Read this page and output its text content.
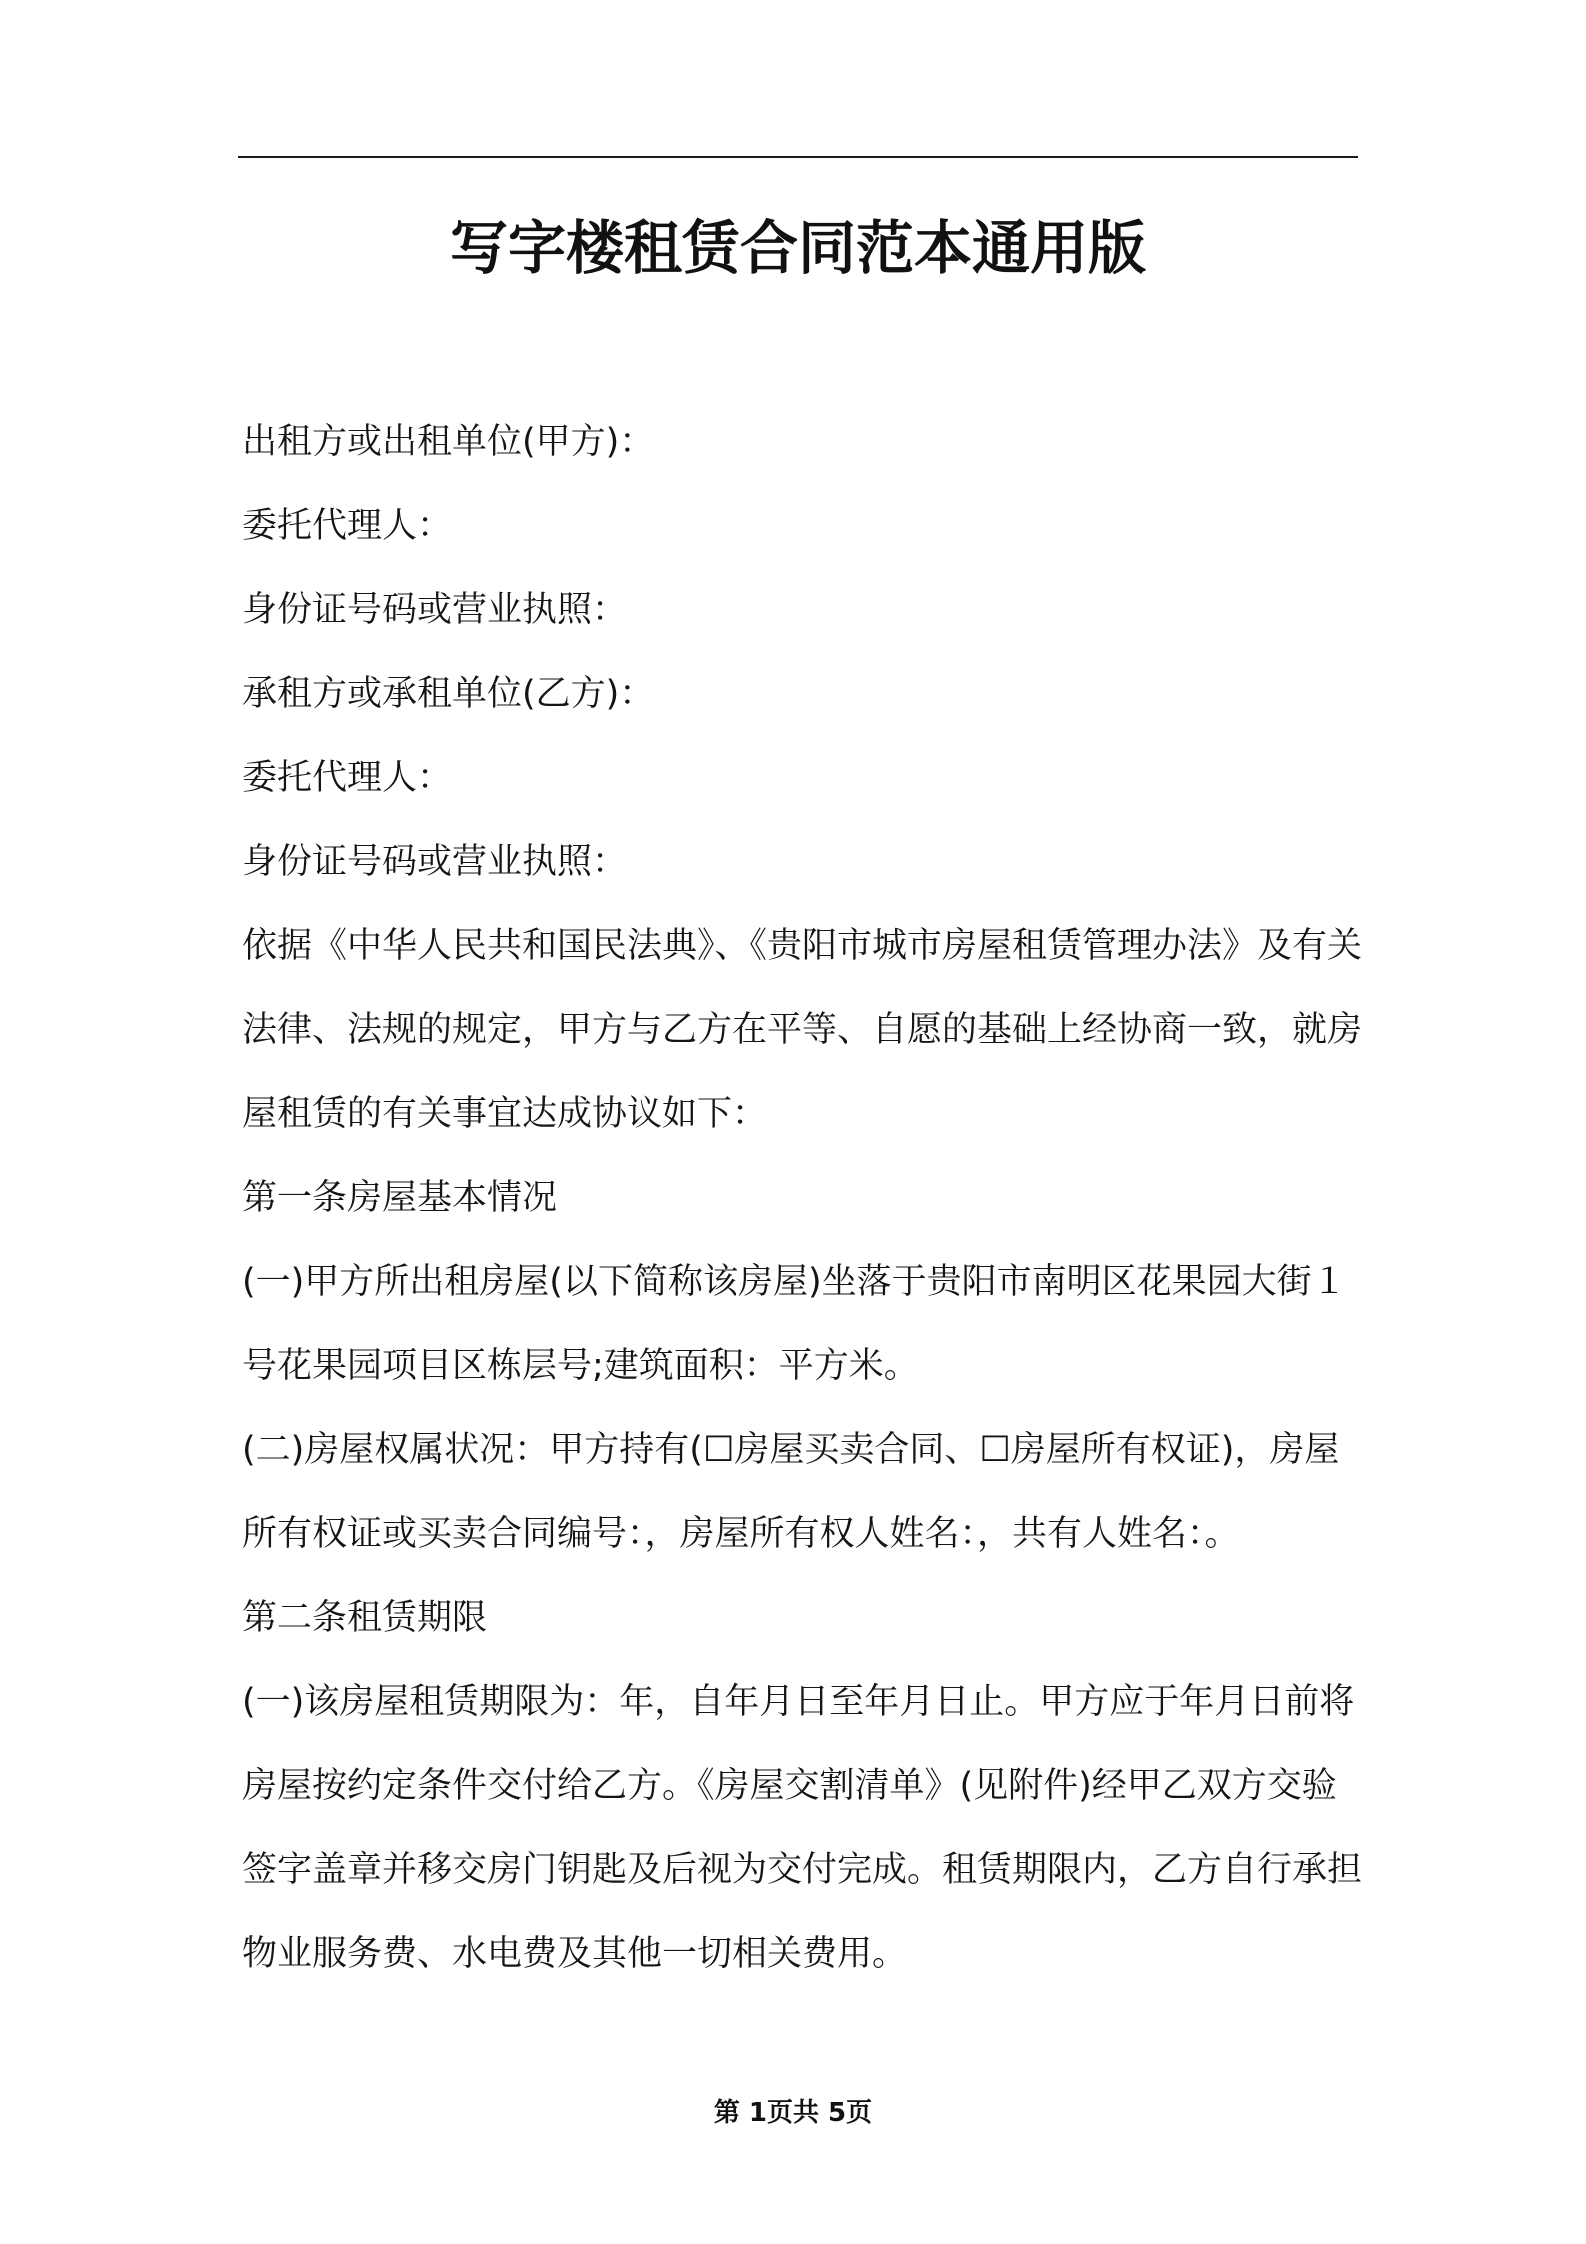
写字楼租赁合同范本通用版

出租方或出租单位(甲方)：

委托代理人：

身份证号码或营业执照：

承租方或承租单位(乙方)：

委托代理人：

身份证号码或营业执照：

依据《中华人民共和国民法典》、《贵阳市城市房屋租赁管理办法》及有关法律、法规的规定，甲方与乙方在平等、自愿的基础上经协商一致，就房屋租赁的有关事宜达成协议如下：

第一条房屋基本情况

(一)甲方所出租房屋(以下简称该房屋)坐落于贵阳市南明区花果园大街１号花果园项目区栋层号;建筑面积：平方米。

(二)房屋权属状况：甲方持有(☐房屋买卖合同、☐房屋所有权证)，房屋所有权证或买卖合同编号：，房屋所有权人姓名：，共有人姓名：。

第二条租赁期限

(一)该房屋租赁期限为：年，自年月日至年月日止。甲方应于年月日前将房屋按约定条件交付给乙方。《房屋交割清单》(见附件)经甲乙双方交验签字盖章并移交房门钥匙及后视为交付完成。租赁期限内，乙方自行承担物业服务费、水电费及其他一切相关费用。

第 1页共 5页
